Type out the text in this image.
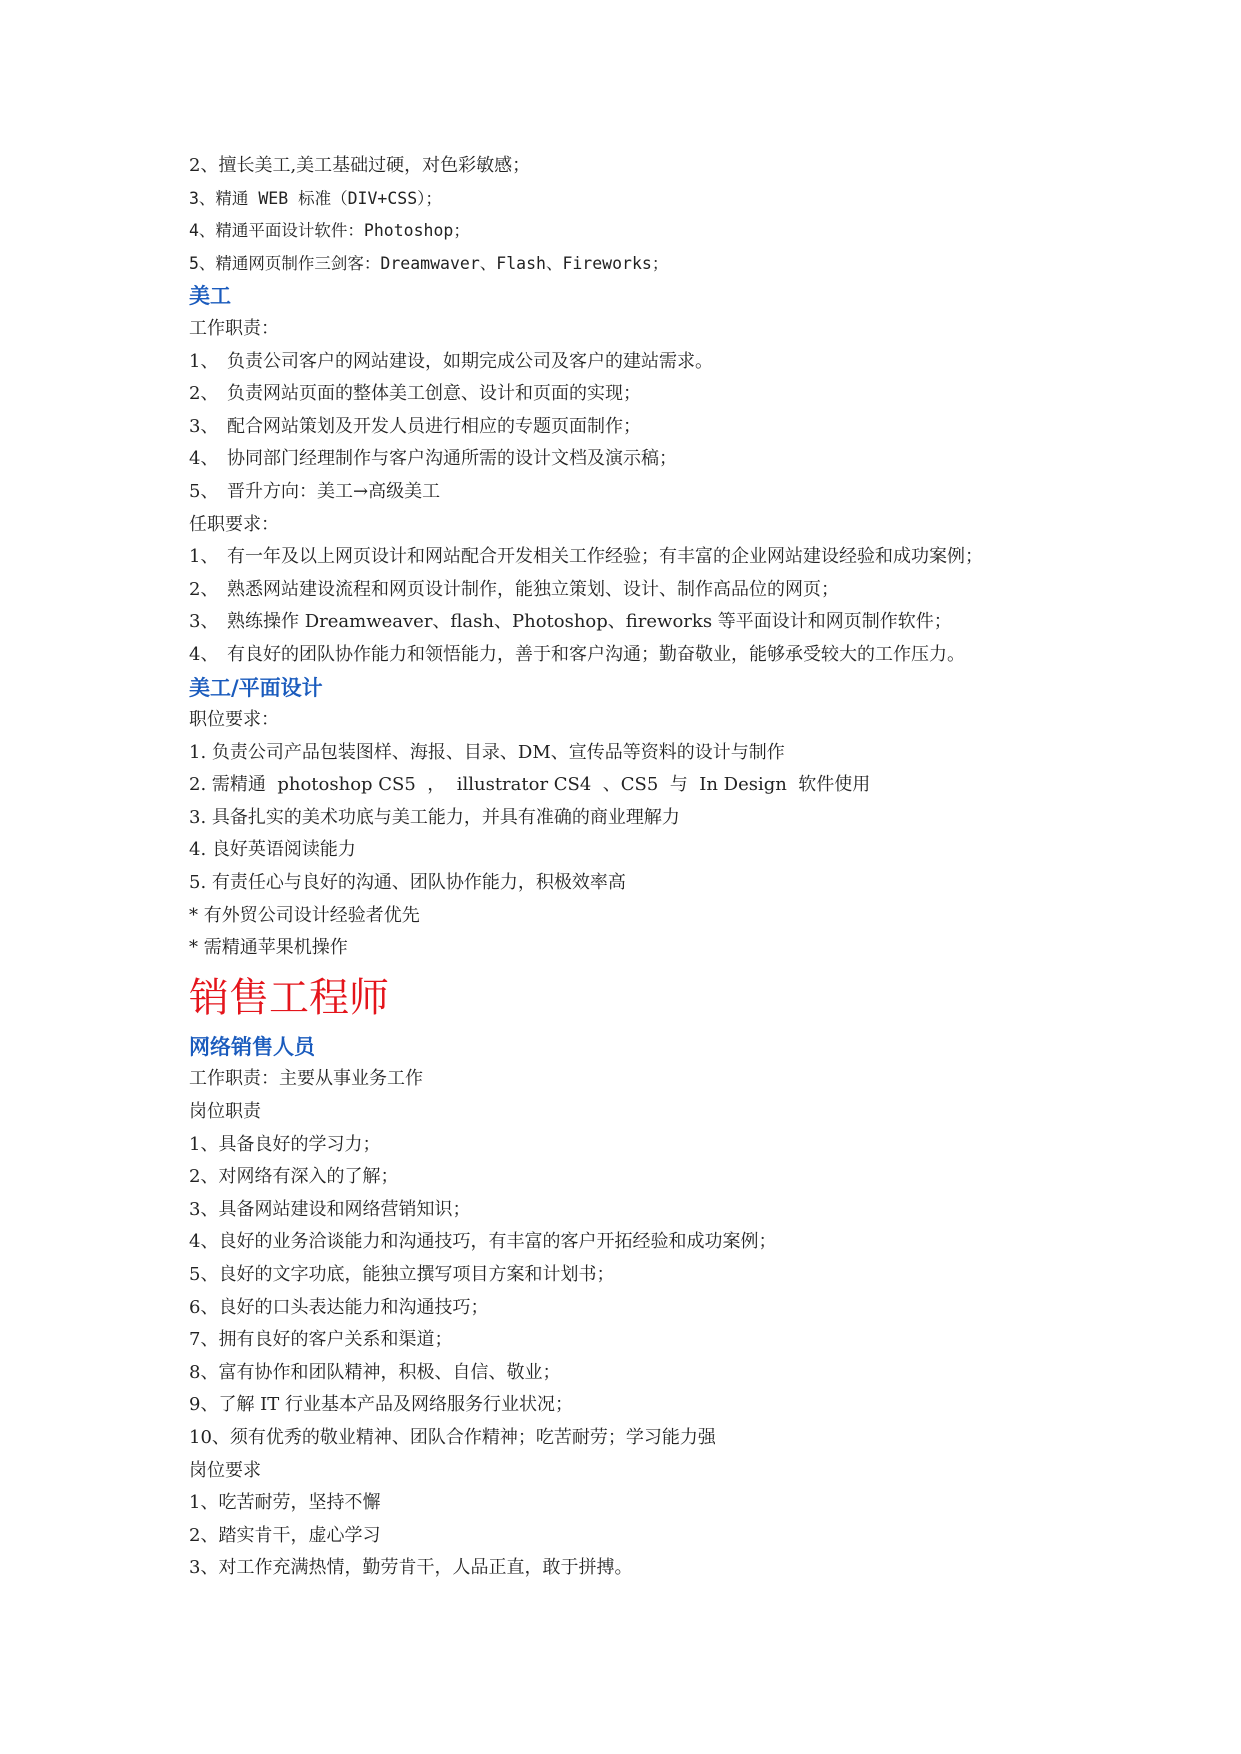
2、擅长美工,美工基础过硬，对色彩敏感；
3、精通 WEB 标准（DIV+CSS）；
4、精通平面设计软件：Photoshop；
5、精通网页制作三剑客：Dreamwaver、Flash、Fireworks；
美工
工作职责：
1、 负责公司客户的网站建设，如期完成公司及客户的建站需求。
2、 负责网站页面的整体美工创意、设计和页面的实现；
3、 配合网站策划及开发人员进行相应的专题页面制作；
4、 协同部门经理制作与客户沟通所需的设计文档及演示稿；
5、 晋升方向：美工→高级美工
任职要求：
1、 有一年及以上网页设计和网站配合开发相关工作经验；有丰富的企业网站建设经验和成功案例；
2、 熟悉网站建设流程和网页设计制作，能独立策划、设计、制作高品位的网页；
3、 熟练操作 Dreamweaver、flash、Photoshop、fireworks 等平面设计和网页制作软件；
4、 有良好的团队协作能力和领悟能力，善于和客户沟通；勤奋敬业，能够承受较大的工作压力。
美工/平面设计
职位要求：
1. 负责公司产品包装图样、海报、目录、DM、宣传品等资料的设计与制作
2. 需精通  photoshop CS5  ，  illustrator CS4  、CS5  与  In Design  软件使用
3. 具备扎实的美术功底与美工能力，并具有准确的商业理解力
4. 良好英语阅读能力
5. 有责任心与良好的沟通、团队协作能力，积极效率高
* 有外贸公司设计经验者优先
* 需精通苹果机操作
销售工程师
网络销售人员
工作职责：主要从事业务工作
岗位职责
1、具备良好的学习力；
2、对网络有深入的了解；
3、具备网站建设和网络营销知识；
4、良好的业务洽谈能力和沟通技巧，有丰富的客户开拓经验和成功案例；
5、良好的文字功底，能独立撰写项目方案和计划书；
6、良好的口头表达能力和沟通技巧；
7、拥有良好的客户关系和渠道；
8、富有协作和团队精神，积极、自信、敬业；
9、了解 IT 行业基本产品及网络服务行业状况；
10、须有优秀的敬业精神、团队合作精神；吃苦耐劳；学习能力强
岗位要求
1、吃苦耐劳，坚持不懈
2、踏实肯干，虚心学习
3、对工作充满热情，勤劳肯干，人品正直，敢于拼搏。
